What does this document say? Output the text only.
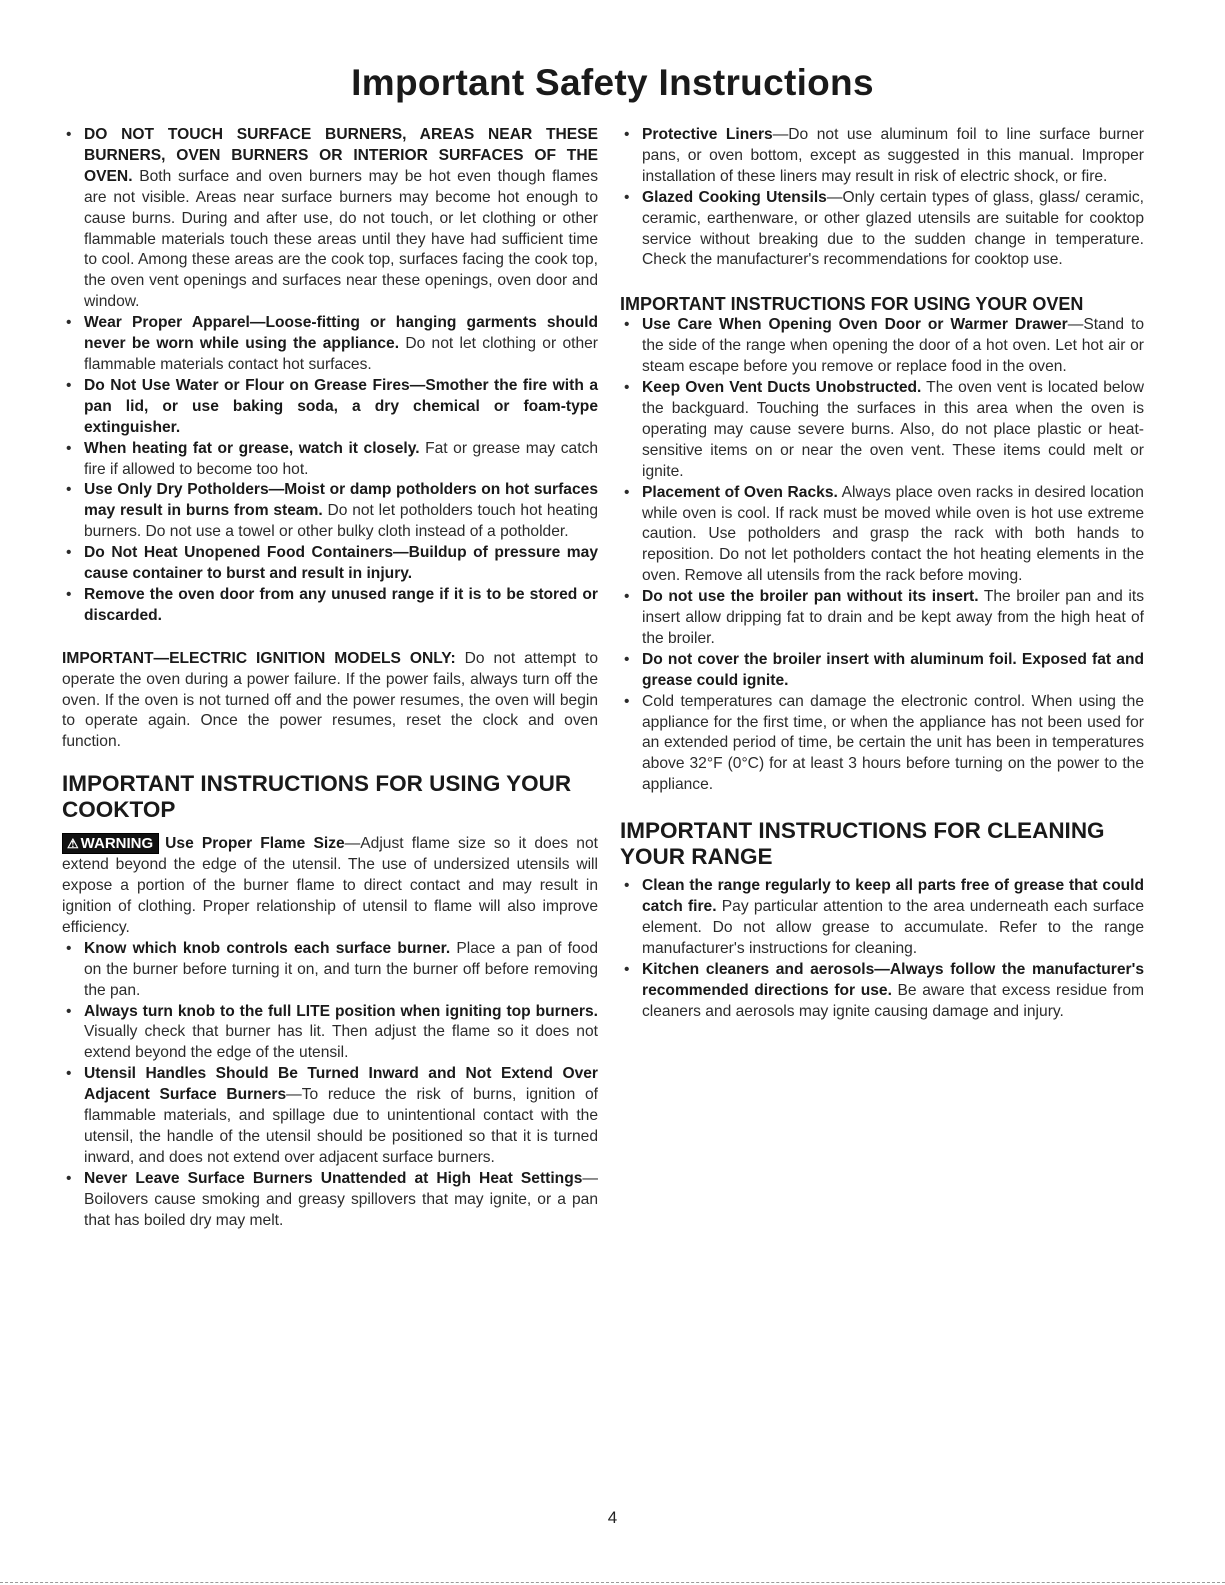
Important Safety Instructions

• DO NOT TOUCH SURFACE BURNERS, AREAS NEAR THESE BURNERS, OVEN BURNERS OR INTERIOR SURFACES OF THE OVEN. Both surface and oven burners may be hot even though flames are not visible. Areas near surface burners may become hot enough to cause burns. During and after use, do not touch, or let clothing or other flammable materials touch these areas until they have had sufficient time to cool. Among these areas are the cook top, surfaces facing the cook top, the oven vent openings and surfaces near these openings, oven door and window.

• Wear Proper Apparel—Loose-fitting or hanging garments should never be worn while using the appliance. Do not let clothing or other flammable materials contact hot surfaces.

• Do Not Use Water or Flour on Grease Fires—Smother the fire with a pan lid, or use baking soda, a dry chemical or foam-type extinguisher.

• When heating fat or grease, watch it closely. Fat or grease may catch fire if allowed to become too hot.

• Use Only Dry Potholders—Moist or damp potholders on hot surfaces may result in burns from steam. Do not let potholders touch hot heating burners. Do not use a towel or other bulky cloth instead of a potholder.

• Do Not Heat Unopened Food Containers—Buildup of pressure may cause container to burst and result in injury.

• Remove the oven door from any unused range if it is to be stored or discarded.

IMPORTANT—ELECTRIC IGNITION MODELS ONLY: Do not attempt to operate the oven during a power failure. If the power fails, always turn off the oven. If the oven is not turned off and the power resumes, the oven will begin to operate again. Once the power resumes, reset the clock and oven function.

IMPORTANT INSTRUCTIONS FOR USING YOUR COOKTOP

⚠ WARNING Use Proper Flame Size—Adjust flame size so it does not extend beyond the edge of the utensil. The use of undersized utensils will expose a portion of the burner flame to direct contact and may result in ignition of clothing. Proper relationship of utensil to flame will also improve efficiency.

• Know which knob controls each surface burner. Place a pan of food on the burner before turning it on, and turn the burner off before removing the pan.

• Always turn knob to the full LITE position when igniting top burners. Visually check that burner has lit. Then adjust the flame so it does not extend beyond the edge of the utensil.

• Utensil Handles Should Be Turned Inward and Not Extend Over Adjacent Surface Burners—To reduce the risk of burns, ignition of flammable materials, and spillage due to unintentional contact with the utensil, the handle of the utensil should be positioned so that it is turned inward, and does not extend over adjacent surface burners.

• Never Leave Surface Burners Unattended at High Heat Settings—Boilovers cause smoking and greasy spillovers that may ignite, or a pan that has boiled dry may melt.

• Protective Liners—Do not use aluminum foil to line surface burner pans, or oven bottom, except as suggested in this manual. Improper installation of these liners may result in risk of electric shock, or fire.

• Glazed Cooking Utensils—Only certain types of glass, glass/ ceramic, ceramic, earthenware, or other glazed utensils are suitable for cooktop service without breaking due to the sudden change in temperature. Check the manufacturer's recommendations for cooktop use.

IMPORTANT INSTRUCTIONS FOR USING YOUR OVEN

• Use Care When Opening Oven Door or Warmer Drawer—Stand to the side of the range when opening the door of a hot oven. Let hot air or steam escape before you remove or replace food in the oven.

• Keep Oven Vent Ducts Unobstructed. The oven vent is located below the backguard. Touching the surfaces in this area when the oven is operating may cause severe burns. Also, do not place plastic or heat-sensitive items on or near the oven vent. These items could melt or ignite.

• Placement of Oven Racks. Always place oven racks in desired location while oven is cool. If rack must be moved while oven is hot use extreme caution. Use potholders and grasp the rack with both hands to reposition. Do not let potholders contact the hot heating elements in the oven. Remove all utensils from the rack before moving.

• Do not use the broiler pan without its insert. The broiler pan and its insert allow dripping fat to drain and be kept away from the high heat of the broiler.

• Do not cover the broiler insert with aluminum foil. Exposed fat and grease could ignite.

• Cold temperatures can damage the electronic control. When using the appliance for the first time, or when the appliance has not been used for an extended period of time, be certain the unit has been in temperatures above 32°F (0°C) for at least 3 hours before turning on the power to the appliance.

IMPORTANT INSTRUCTIONS FOR CLEANING YOUR RANGE

• Clean the range regularly to keep all parts free of grease that could catch fire. Pay particular attention to the area underneath each surface element. Do not allow grease to accumulate. Refer to the range manufacturer's instructions for cleaning.

• Kitchen cleaners and aerosols—Always follow the manufacturer's recommended directions for use. Be aware that excess residue from cleaners and aerosols may ignite causing damage and injury.

4
